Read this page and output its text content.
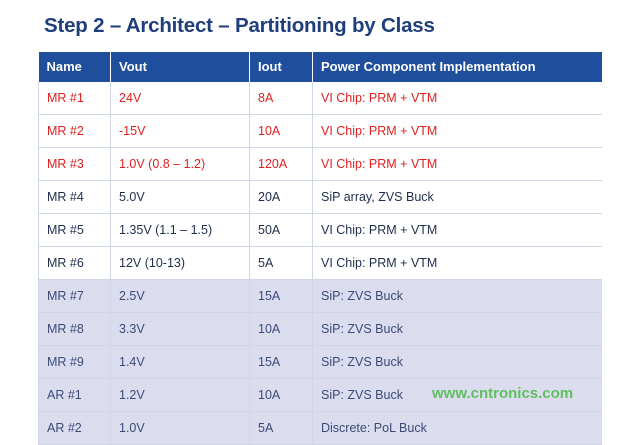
Step 2 – Architect – Partitioning by Class
Name	Vout	Iout	Power Component Implementation
MR #1	24V	8A	VI Chip: PRM + VTM
MR #2	-15V	10A	VI Chip: PRM + VTM
MR #3	1.0V (0.8 – 1.2)	120A	VI Chip: PRM + VTM
MR #4	5.0V	20A	SiP array, ZVS Buck
MR #5	1.35V (1.1 – 1.5)	50A	VI Chip: PRM + VTM
MR #6	12V (10-13)	5A	VI Chip: PRM + VTM
MR #7	2.5V	15A	SiP: ZVS Buck
MR #8	3.3V	10A	SiP: ZVS Buck
MR #9	1.4V	15A	SiP: ZVS Buck
AR #1	1.2V	10A	SiP: ZVS Buck
AR #2	1.0V	5A	Discrete: PoL Buck
www.cntronics.com
